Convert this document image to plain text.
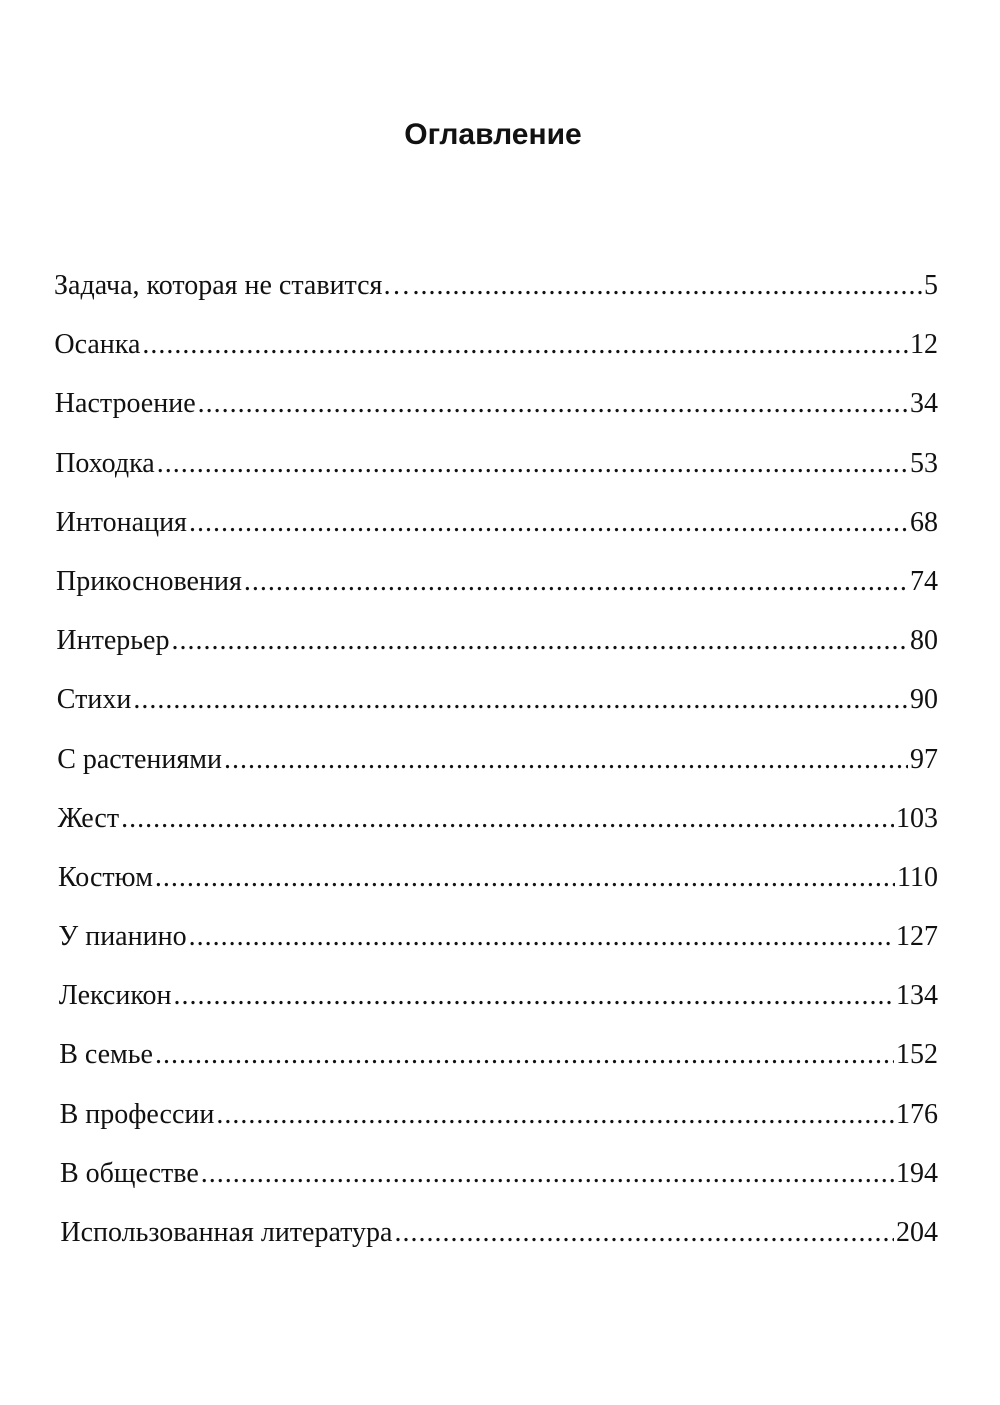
Оглавление
Задача, которая не ставится… .....	5
Осанка .....	12
Настроение .....	34
Походка .....	53
Интонация .....	68
Прикосновения .....	74
Интерьер .....	80
Стихи .....	90
С растениями .....	97
Жест .....	103
Костюм .....	110
У пианино .....	127
Лексикон .....	134
В семье .....	152
В профессии .....	176
В обществе .....	194
Использованная литература .....	204
